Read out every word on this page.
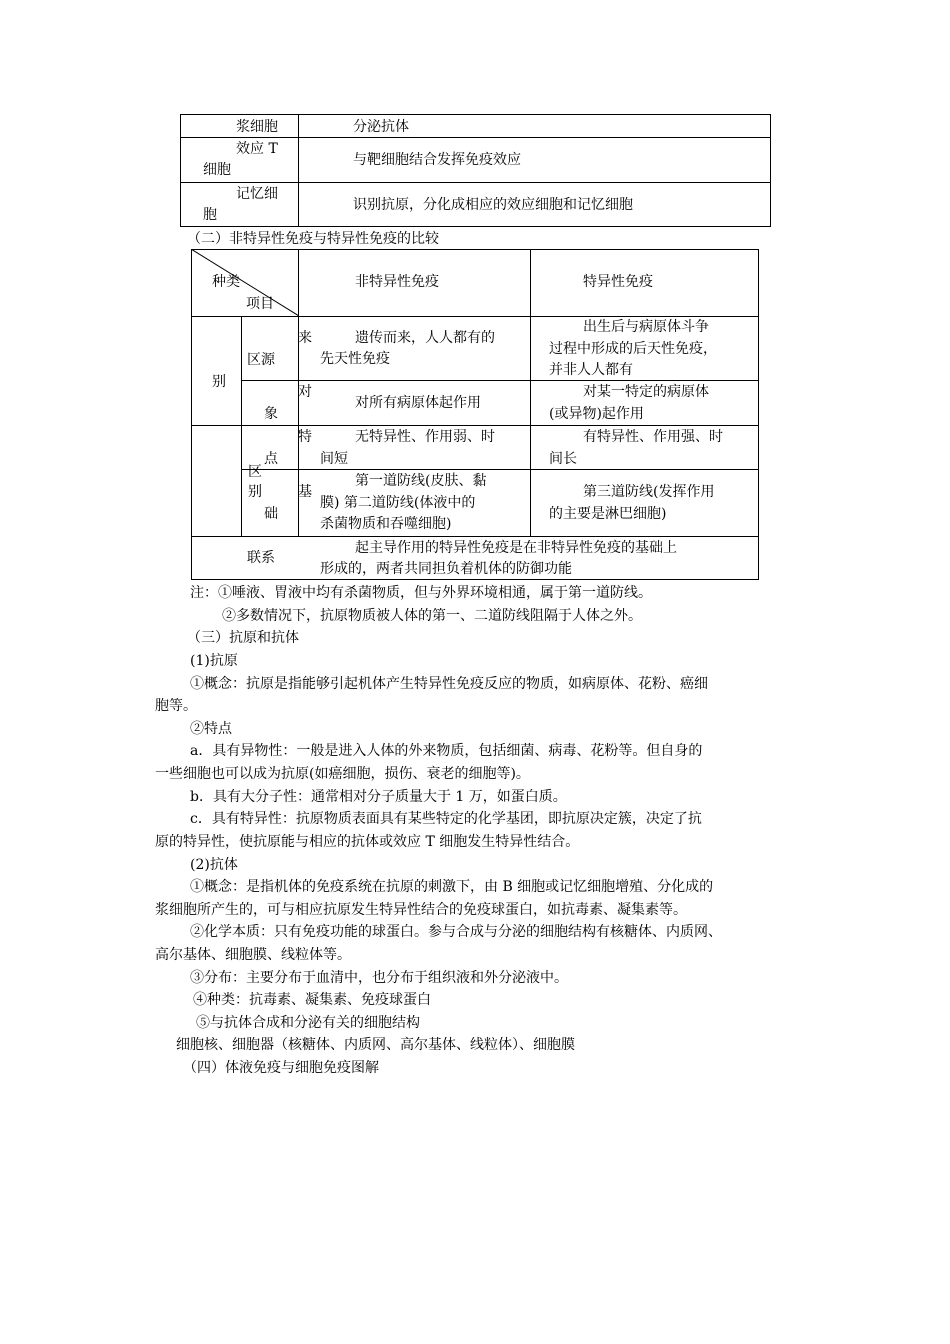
浆细胞	分泌抗体
效应 T
细胞
与靶细胞结合发挥免疫效应
记忆细
胞
识别抗原，分化成相应的效应细胞和记忆细胞
（二）非特异性免疫与特异性免疫的比较
种类
项目
非特异性免疫	特异性免疫
别
区
别
来
区源
遗传而来，人人都有的
先天性免疫
出生后与病原体斗争
过程中形成的后天性免疫，
并非人人都有
对
象
对所有病原体起作用
对某一特定的病原体
(或异物)起作用
特
点
无特异性、作用弱、时
间短
有特异性、作用强、时
间长
基
础
第一道防线(皮肤、黏
膜) 第二道防线(体液中的
杀菌物质和吞噬细胞)
第三道防线(发挥作用
的主要是淋巴细胞)
联系
起主导作用的特异性免疫是在非特异性免疫的基础上
形成的，两者共同担负着机体的防御功能
注：①唾液、胃液中均有杀菌物质，但与外界环境相通，属于第一道防线。
②多数情况下，抗原物质被人体的第一、二道防线阻隔于人体之外。
（三）抗原和抗体
(1)抗原
①概念：抗原是指能够引起机体产生特异性免疫反应的物质，如病原体、花粉、癌细
胞等。
②特点
a．具有异物性：一般是进入人体的外来物质，包括细菌、病毒、花粉等。但自身的
一些细胞也可以成为抗原(如癌细胞，损伤、衰老的细胞等)。
b．具有大分子性：通常相对分子质量大于 1 万，如蛋白质。
c．具有特异性：抗原物质表面具有某些特定的化学基团，即抗原决定簇，决定了抗
原的特异性，使抗原能与相应的抗体或效应 T 细胞发生特异性结合。
(2)抗体
①概念：是指机体的免疫系统在抗原的刺激下，由 B 细胞或记忆细胞增殖、分化成的
浆细胞所产生的，可与相应抗原发生特异性结合的免疫球蛋白，如抗毒素、凝集素等。
②化学本质：只有免疫功能的球蛋白。参与合成与分泌的细胞结构有核糖体、内质网、
高尔基体、细胞膜、线粒体等。
③分布：主要分布于血清中，也分布于组织液和外分泌液中。
④种类：抗毒素、凝集素、免疫球蛋白
⑤与抗体合成和分泌有关的细胞结构
细胞核、细胞器（核糖体、内质网、高尔基体、线粒体）、细胞膜
（四）体液免疫与细胞免疫图解
